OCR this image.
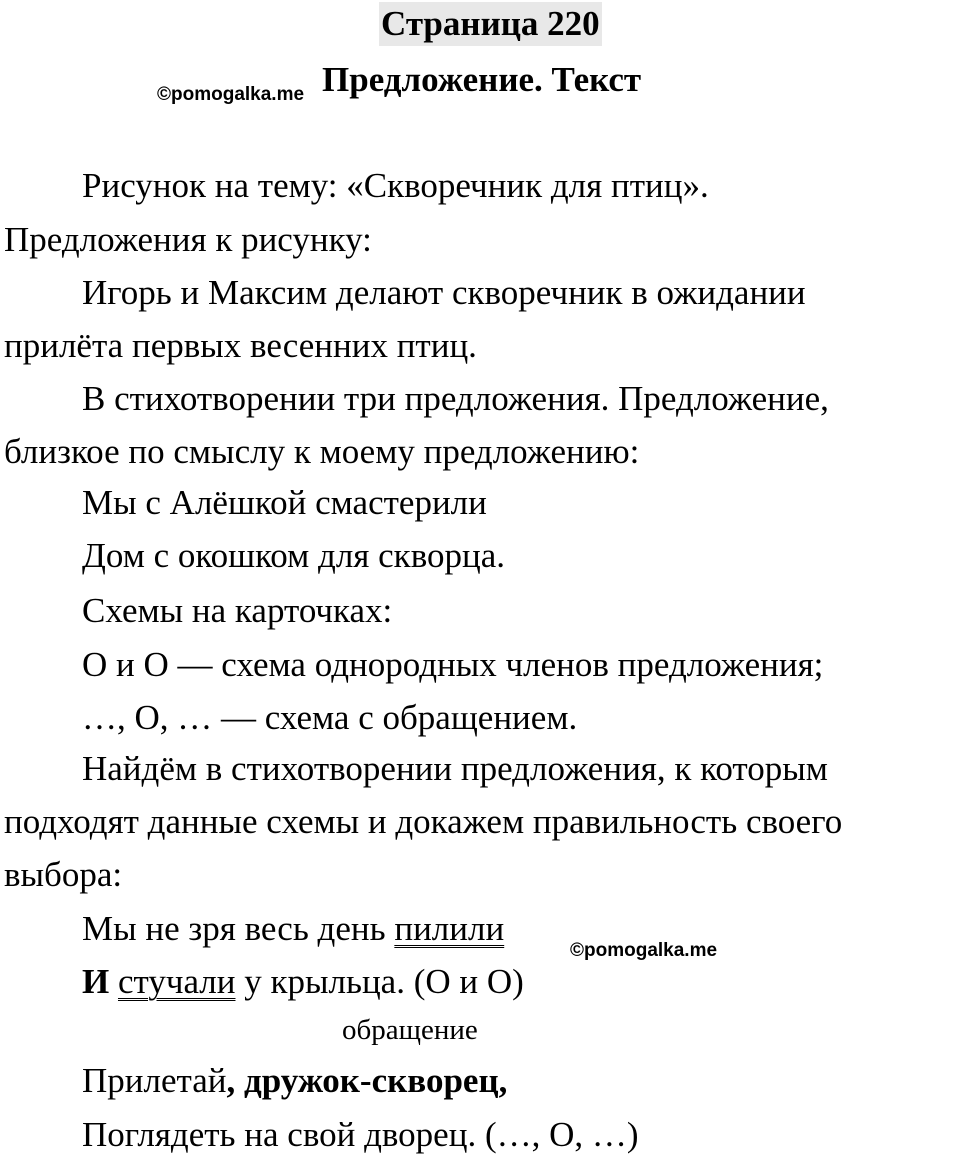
Страница 220
©pomogalka.me Предложение. Текст
Рисунок на тему: «Скворечник для птиц».
Предложения к рисунку:
Игорь и Максим делают скворечник в ожидании
прилёта первых весенних птиц.
В стихотворении три предложения. Предложение,
близкое по смыслу к моему предложению:
Мы с Алёшкой смастерили
Дом с окошком для скворца.
Схемы на карточках:
О и О — схема однородных членов предложения;
…, О, … — схема с обращением.
Найдём в стихотворении предложения, к которым
подходят данные схемы и докажем правильность своего
выбора:
Мы не зря весь день пилили
©pomogalka.me
И стучали у крыльца. (О и О)
обращение
Прилетай, дружок-скворец,
Поглядеть на свой дворец. (…, О, …)
